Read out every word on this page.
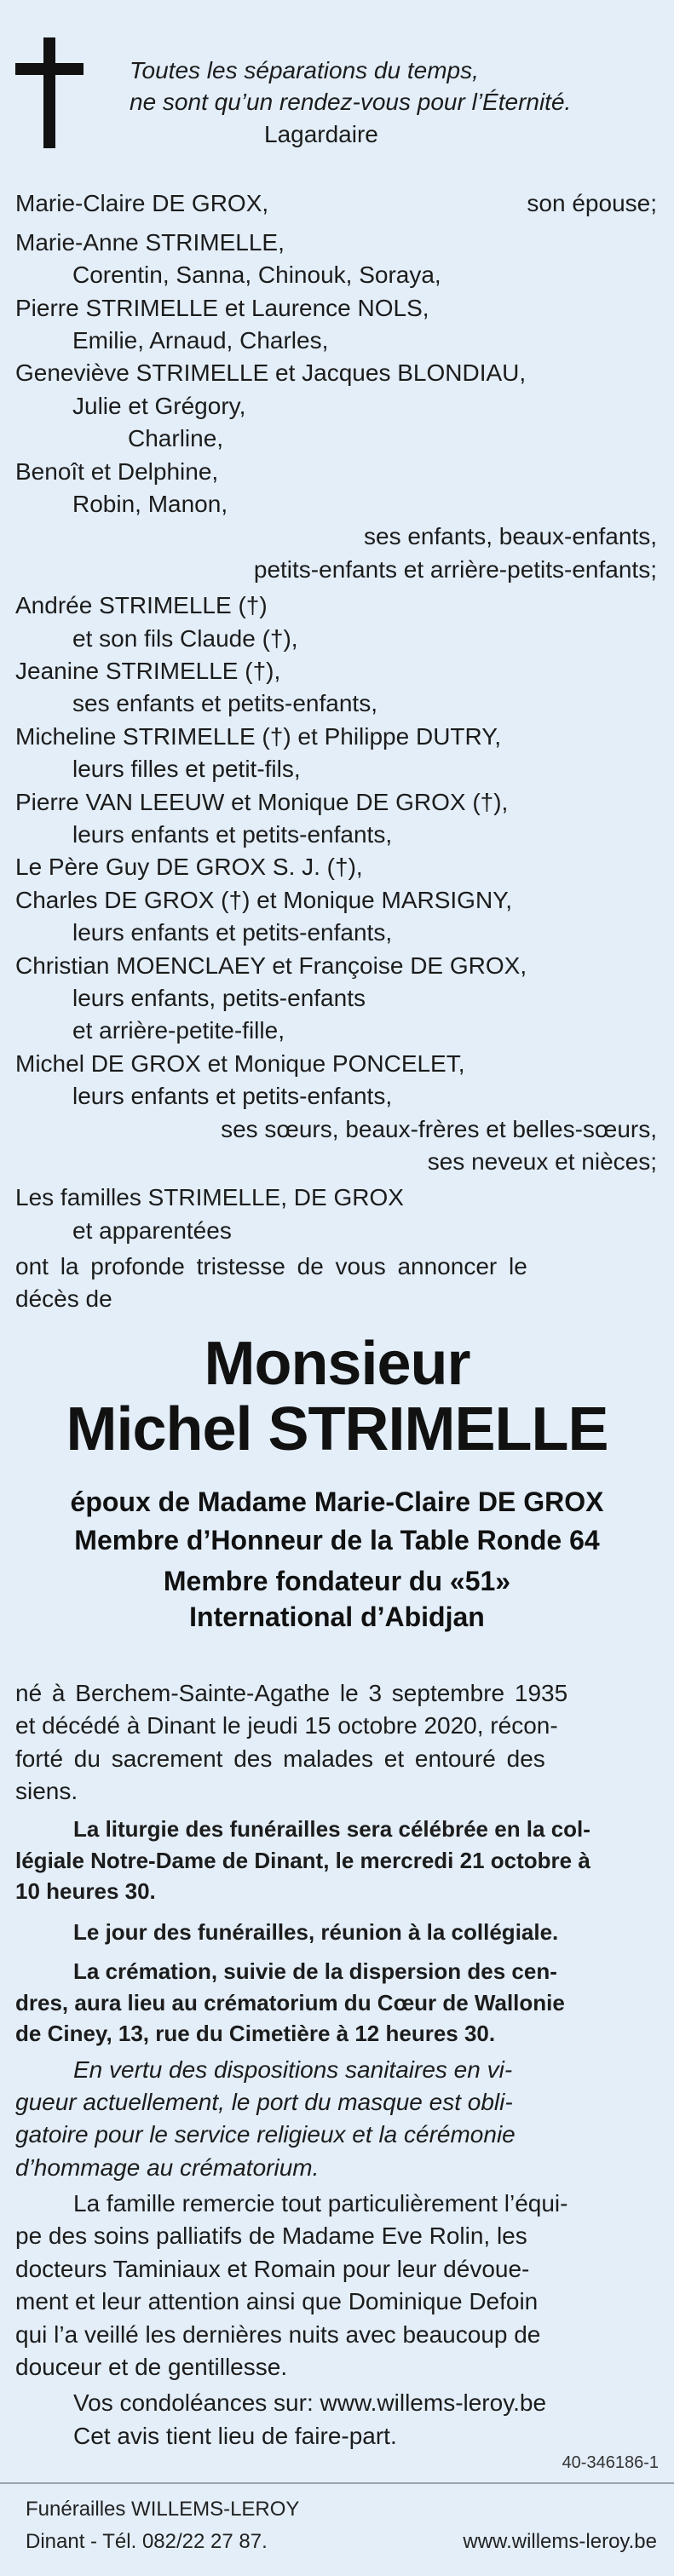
Toutes les séparations du temps,
ne sont qu’un rendez-vous pour l’Éternité.
Lagardaire
Marie-Claire DE GROX,	son épouse;
Marie-Anne STRIMELLE,
Corentin, Sanna, Chinouk, Soraya,
Pierre STRIMELLE et Laurence NOLS,
Emilie, Arnaud, Charles,
Geneviève STRIMELLE et Jacques BLONDIAU,
Julie et Grégory,
Charline,
Benoît et Delphine,
Robin, Manon,
ses enfants, beaux-enfants,
petits-enfants et arrière-petits-enfants;
Andrée STRIMELLE (†)
et son fils Claude (†),
Jeanine STRIMELLE (†),
ses enfants et petits-enfants,
Micheline STRIMELLE (†) et Philippe DUTRY,
leurs filles et petit-fils,
Pierre VAN LEEUW et Monique DE GROX (†),
leurs enfants et petits-enfants,
Le Père Guy DE GROX S. J. (†),
Charles DE GROX (†) et Monique MARSIGNY,
leurs enfants et petits-enfants,
Christian MOENCLAEY et Françoise DE GROX,
leurs enfants, petits-enfants
et arrière-petite-fille,
Michel DE GROX et Monique PONCELET,
leurs enfants et petits-enfants,
ses sœurs, beaux-frères et belles-sœurs,
ses neveux et nièces;
Les familles STRIMELLE, DE GROX
et apparentées
ont la profonde tristesse de vous annoncer le
décès de
Monsieur
Michel STRIMELLE
époux de Madame Marie-Claire DE GROX
Membre d’Honneur de la Table Ronde 64
Membre fondateur du «51»
International d’Abidjan
né à Berchem-Sainte-Agathe le 3 septembre 1935
et décédé à Dinant le jeudi 15 octobre 2020, récon-
forté du sacrement des malades et entouré des
siens.
La liturgie des funérailles sera célébrée en la col-
légiale Notre-Dame de Dinant, le mercredi 21 octobre à
10 heures 30.
Le jour des funérailles, réunion à la collégiale.
La crémation, suivie de la dispersion des cen-
dres, aura lieu au crématorium du Cœur de Wallonie
de Ciney, 13, rue du Cimetière à 12 heures 30.
En vertu des dispositions sanitaires en vi-
gueur actuellement, le port du masque est obli-
gatoire pour le service religieux et la cérémonie
d’hommage au crématorium.
La famille remercie tout particulièrement l’équi-
pe des soins palliatifs de Madame Eve Rolin, les
docteurs Taminiaux et Romain pour leur dévoue-
ment et leur attention ainsi que Dominique Defoin
qui l’a veillé les dernières nuits avec beaucoup de
douceur et de gentillesse.
Vos condoléances sur: www.willems-leroy.be
Cet avis tient lieu de faire-part.
40-346186-1
Funérailles WILLEMS-LEROY
Dinant - Tél. 082/22 27 87.	www.willems-leroy.be
